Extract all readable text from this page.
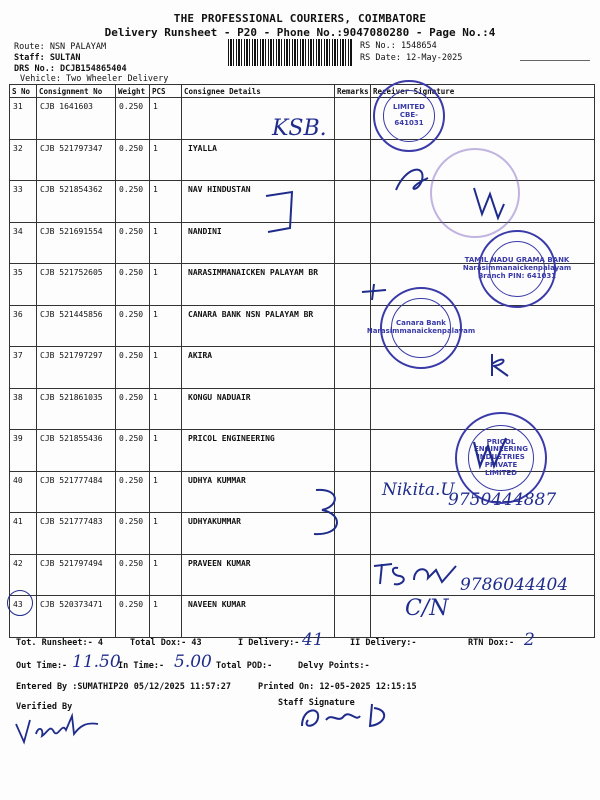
THE PROFESSIONAL COURIERS, COIMBATORE
Delivery Runsheet - P20 - Phone No.:9047080280 - Page No.:4
Route: NSN PALAYAM
Staff: SULTAN
DRS No.: DCJB154865404
Vehicle: Two Wheeler Delivery
RS No.: 1548654
RS Date: 12-May-2025
S No	Consignment No	Weight	PCS	Consignee Details	Remarks	Receiver Signature
31	CJB 1641603	0.250	1			
32	CJB 521797347	0.250	1	IYALLA		
33	CJB 521854362	0.250	1	NAV HINDUSTAN		
34	CJB 521691554	0.250	1	NANDINI		
35	CJB 521752605	0.250	1	NARASIMMANAICKEN PALAYAM BR		
36	CJB 521445856	0.250	1	CANARA BANK NSN PALAYAM BR		
37	CJB 521797297	0.250	1	AKIRA		
38	CJB 521861035	0.250	1	KONGU NADUAIR		
39	CJB 521855436	0.250	1	PRICOL ENGINEERING		
40	CJB 521777484	0.250	1	UDHYA KUMMAR		
41	CJB 521777483	0.250	1	UDHYAKUMMAR		
42	CJB 521797494	0.250	1	PRAVEEN KUMAR		
43	CJB 520373471	0.250	1	NAVEEN KUMAR		
LIMITED CBE-641031
TAMIL NADU GRAMA BANK Narasimmanaickenpalayam Branch PIN: 641031
Canara Bank Narasimmanaickenpalayam
PRICOL ENGINEERING INDUSTRIES PRIVATE LIMITED
KSB.
Nikita.U
9750444887
9786044404
C/N
Tot. Runsheet:- 4	Total Dox:- 43	I Delivery:- 41	II Delivery:-	RTN Dox:- 2
Out Time:- 11.50
In Time:- 5.00 Total POD:-	Delvy Points:-
Entered By :SUMATHIP20 05/12/2025 11:57:27	Printed On: 12-05-2025 12:15:15
Verified By	Staff Signature
